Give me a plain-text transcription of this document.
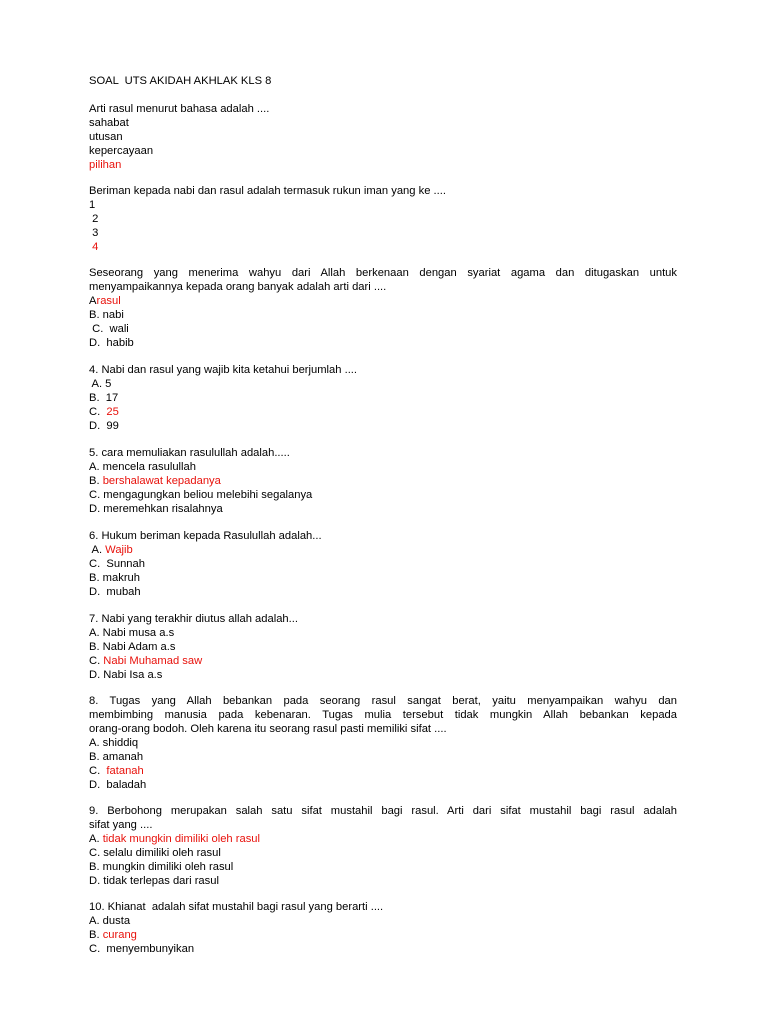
SOAL  UTS AKIDAH AKHLAK KLS 8
Arti rasul menurut bahasa adalah ....
sahabat
utusan
kepercayaan
pilihan
Beriman kepada nabi dan rasul adalah termasuk rukun iman yang ke ....
1
2
3
4
Seseorang yang menerima wahyu dari Allah berkenaan dengan syariat agama dan ditugaskan untuk
menyampaikannya kepada orang banyak adalah arti dari ....
Arasul
B. nabi
C.  wali
D.  habib
4. Nabi dan rasul yang wajib kita ketahui berjumlah ....
A. 5
B.  17
C.  25
D.  99
5. cara memuliakan rasulullah adalah.....
A. mencela rasulullah
B. bershalawat kepadanya
C. mengagungkan beliou melebihi segalanya
D. meremehkan risalahnya
6. Hukum beriman kepada Rasulullah adalah...
A. Wajib
C.  Sunnah
B. makruh
D.  mubah
7. Nabi yang terakhir diutus allah adalah...
A. Nabi musa a.s
B. Nabi Adam a.s
C. Nabi Muhamad saw
D. Nabi Isa a.s
8. Tugas yang Allah bebankan pada seorang rasul sangat berat, yaitu menyampaikan wahyu dan
membimbing manusia pada kebenaran. Tugas mulia tersebut tidak mungkin Allah bebankan kepada
orang-orang bodoh. Oleh karena itu seorang rasul pasti memiliki sifat ....
A. shiddiq
B. amanah
C.  fatanah
D.  baladah
9. Berbohong merupakan salah satu sifat mustahil bagi rasul. Arti dari sifat mustahil bagi rasul adalah
sifat yang ....
A. tidak mungkin dimiliki oleh rasul
C. selalu dimiliki oleh rasul
B. mungkin dimiliki oleh rasul
D. tidak terlepas dari rasul
10. Khianat  adalah sifat mustahil bagi rasul yang berarti ....
A. dusta
B. curang
C.  menyembunyikan
